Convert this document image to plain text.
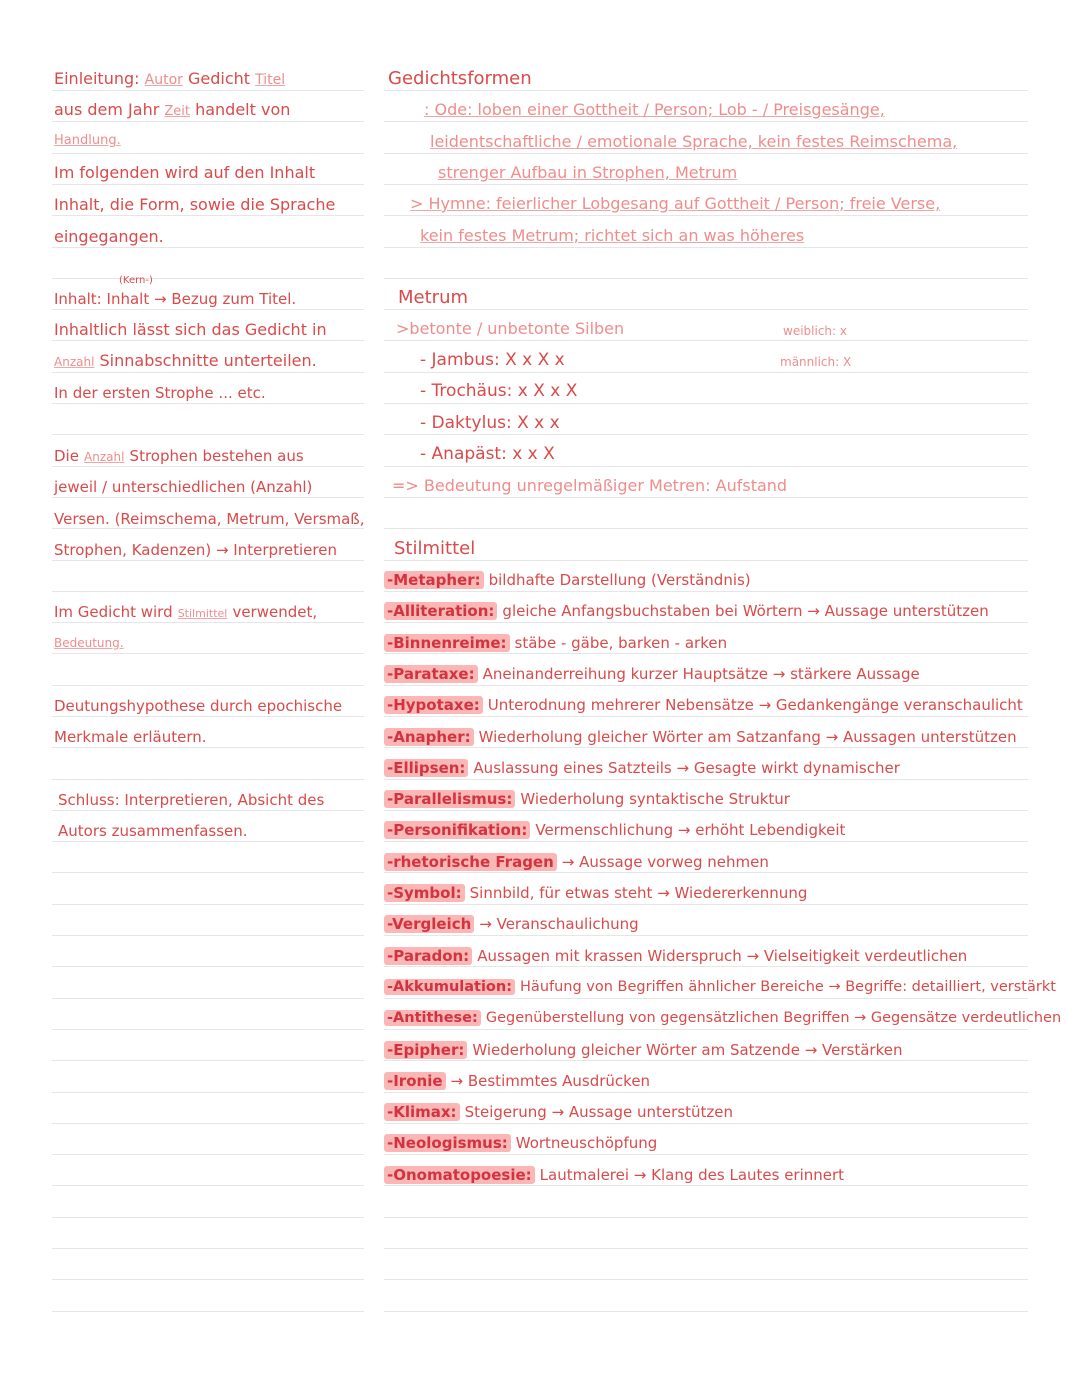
Einleitung: Autor Gedicht Titel
aus dem Jahr Zeit handelt von
Handlung.
Im folgenden wird auf den Inhalt
Inhalt, die Form, sowie die Sprache
eingegangen.
(Kern-)
Inhalt: Inhalt → Bezug zum Titel.
Inhaltlich lässt sich das Gedicht in
Anzahl Sinnabschnitte unterteilen.
In der ersten Strophe ... etc.
Die Anzahl Strophen bestehen aus
jeweil / unterschiedlichen (Anzahl)
Versen. (Reimschema, Metrum, Versmaß,
Strophen, Kadenzen) → Interpretieren
Im Gedicht wird Stilmittel verwendet,
Bedeutung.
Deutungshypothese durch epochische
Merkmale erläutern.
Schluss: Interpretieren, Absicht des
Autors zusammenfassen.
Gedichtsformen
: Ode: loben einer Gottheit / Person; Lob - / Preisgesänge,
leidentschaftliche / emotionale Sprache, kein festes Reimschema,
strenger Aufbau in Strophen, Metrum
> Hymne: feierlicher Lobgesang auf Gottheit / Person; freie Verse,
kein festes Metrum; richtet sich an was höheres
Metrum
>betonte / unbetonte Silben	weiblich: x
männlich: X
- Jambus: X x X x
- Trochäus: x X x X
- Daktylus: X x x
- Anapäst: x x X
=> Bedeutung unregelmäßiger Metren: Aufstand
Stilmittel
-Metapher: bildhafte Darstellung (Verständnis)
-Alliteration: gleiche Anfangsbuchstaben bei Wörtern → Aussage unterstützen
-Binnenreime: stäbe - gäbe, barken - arken
-Parataxe: Aneinanderreihung kurzer Hauptsätze → stärkere Aussage
-Hypotaxe: Unterodnung mehrerer Nebensätze → Gedankengänge veranschaulicht
-Anapher: Wiederholung gleicher Wörter am Satzanfang → Aussagen unterstützen
-Ellipsen: Auslassung eines Satzteils → Gesagte wirkt dynamischer
-Parallelismus: Wiederholung syntaktische Struktur
-Personifikation: Vermenschlichung → erhöht Lebendigkeit
-rhetorische Fragen → Aussage vorweg nehmen
-Symbol: Sinnbild, für etwas steht → Wiedererkennung
-Vergleich → Veranschaulichung
-Paradon: Aussagen mit krassen Widerspruch → Vielseitigkeit verdeutlichen
-Akkumulation: Häufung von Begriffen ähnlicher Bereiche → Begriffe: detailliert, verstärkt
-Antithese: Gegenüberstellung von gegensätzlichen Begriffen → Gegensätze verdeutlichen
-Epipher: Wiederholung gleicher Wörter am Satzende → Verstärken
-Ironie → Bestimmtes Ausdrücken
-Klimax: Steigerung → Aussage unterstützen
-Neologismus: Wortneuschöpfung
-Onomatopoesie: Lautmalerei → Klang des Lautes erinnert
